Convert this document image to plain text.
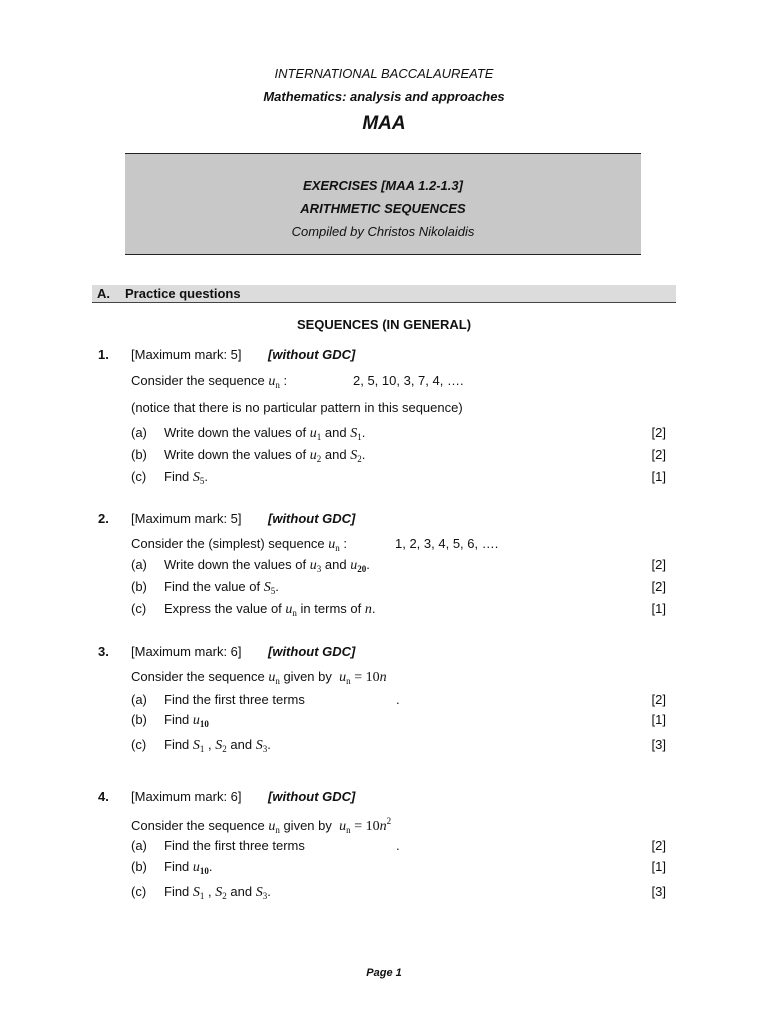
INTERNATIONAL BACCALAUREATE
Mathematics: analysis and approaches
MAA
EXERCISES [MAA 1.2-1.3]
ARITHMETIC SEQUENCES
Compiled by Christos Nikolaidis
A. Practice questions
SEQUENCES (IN GENERAL)
1. [Maximum mark: 5] [without GDC]
Consider the sequence $u_n$ :	2, 5, 10, 3, 7, 4, ….
(notice that there is no particular pattern in this sequence)
(a) Write down the values of $u_1$ and $S_1$.	[2]
(b) Write down the values of $u_2$ and $S_2$.	[2]
(c) Find $S_5$.	[1]
2. [Maximum mark: 5] [without GDC]
Consider the (simplest) sequence $u_n$ :	1, 2, 3, 4, 5, 6, ….
(a) Write down the values of $u_3$ and $u_{20}$.	[2]
(b) Find the value of $S_5$.	[2]
(c) Express the value of $u_n$ in terms of n.	[1]
3. [Maximum mark: 6] [without GDC]
Consider the sequence $u_n$ given by $u_n = 10n$
(a) Find the first three terms	.	[2]
(b) Find $u_{10}$	[1]
(c) Find $S_1$ , $S_2$ and $S_3$.	[3]
4. [Maximum mark: 6] [without GDC]
Consider the sequence $u_n$ given by $u_n = 10n^2$
(a) Find the first three terms	.	[2]
(b) Find $u_{10}$.	[1]
(c) Find $S_1$ , $S_2$ and $S_3$.	[3]
Page 1
